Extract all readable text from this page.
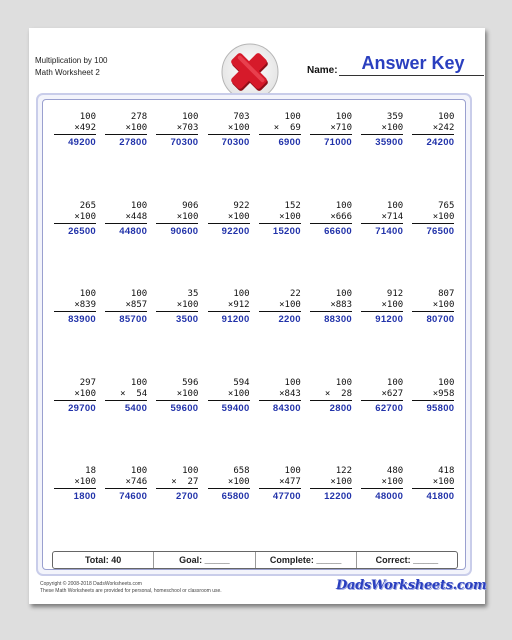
Multiplication by 100
Math Worksheet 2	Name:	Answer Key
100
×492
49200
278
×100
27800
100
×703
70300
703
×100
70300
100
×  69
6900
100
×710
71000
359
×100
35900
100
×242
24200
265
×100
26500
100
×448
44800
906
×100
90600
922
×100
92200
152
×100
15200
100
×666
66600
100
×714
71400
765
×100
76500
100
×839
83900
100
×857
85700
35
×100
3500
100
×912
91200
22
×100
2200
100
×883
88300
912
×100
91200
807
×100
80700
297
×100
29700
100
×  54
5400
596
×100
59600
594
×100
59400
100
×843
84300
100
×  28
2800
100
×627
62700
100
×958
95800
18
×100
1800
100
×746
74600
100
×  27
2700
658
×100
65800
100
×477
47700
122
×100
12200
480
×100
48000
418
×100
41800
Total: 40	Goal: _____	Complete: _____	Correct: _____
Copyright © 2008-2018 DadsWorksheets.com
These Math Worksheets are provided for personal, homeschool or classroom use.	DadsWorksheets.com
